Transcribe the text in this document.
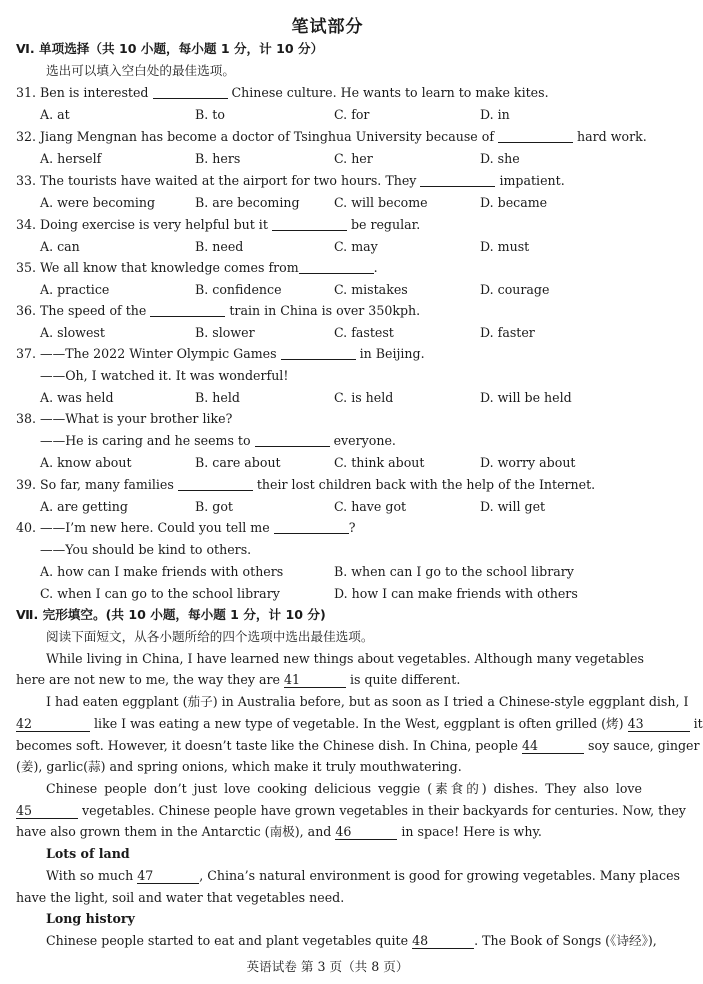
笔试部分
Ⅵ. 单项选择（共 10 小题，每小题 1 分，计 10 分）
选出可以填入空白处的最佳选项。
31. Ben is interested	Chinese culture. He wants to learn to make kites.
A. at	B. to	C. for	D. in
32. Jiang Mengnan has become a doctor of Tsinghua University because of	hard work.
A. herself	B. hers	C. her	D. she
33. The tourists have waited at the airport for two hours. They	impatient.
A. were becoming	B. are becoming	C. will become	D. became
34. Doing exercise is very helpful but it	be regular.
A. can	B. need	C. may	D. must
35. We all know that knowledge comes from	.
A. practice	B. confidence	C. mistakes	D. courage
36. The speed of the	train in China is over 350kph.
A. slowest	B. slower	C. fastest	D. faster
37. ——The 2022 Winter Olympic Games	in Beijing.
——Oh, I watched it. It was wonderful!
A. was held	B. held	C. is held	D. will be held
38. ——What is your brother like?
——He is caring and he seems to	everyone.
A. know about	B. care about	C. think about	D. worry about
39. So far, many families	their lost children back with the help of the Internet.
A. are getting	B. got	C. have got	D. will get
40. ——I’m new here. Could you tell me	?
——You should be kind to others.
A. how can I make friends with others	B. when can I go to the school library
C. when I can go to the school library	D. how I can make friends with others
Ⅶ. 完形填空。(共 10 小题，每小题 1 分，计 10 分)
阅读下面短文，从各小题所给的四个选项中选出最佳选项。
While living in China, I have learned new things about vegetables. Although many vegetables
here are not new to me, the way they are 41	is quite different.
I had eaten eggplant (茄子) in Australia before, but as soon as I tried a Chinese-style eggplant dish, I
42	like I was eating a new type of vegetable. In the West, eggplant is often grilled (烤) 43	it
becomes soft. However, it doesn’t taste like the Chinese dish. In China, people 44	soy sauce, ginger
(姜), garlic(蒜) and spring onions, which make it truly mouthwatering.
Chinese people don’t just love cooking delicious veggie (素食的) dishes. They also love
45	vegetables. Chinese people have grown vegetables in their backyards for centuries. Now, they
have also grown them in the Antarctic (南极), and 46	in space! Here is why.
Lots of land
With so much 47	, China’s natural environment is good for growing vegetables. Many places
have the light, soil and water that vegetables need.
Long history
Chinese people started to eat and plant vegetables quite 48	. The Book of Songs (《诗经》),
英语试卷 第 3 页（共 8 页）
